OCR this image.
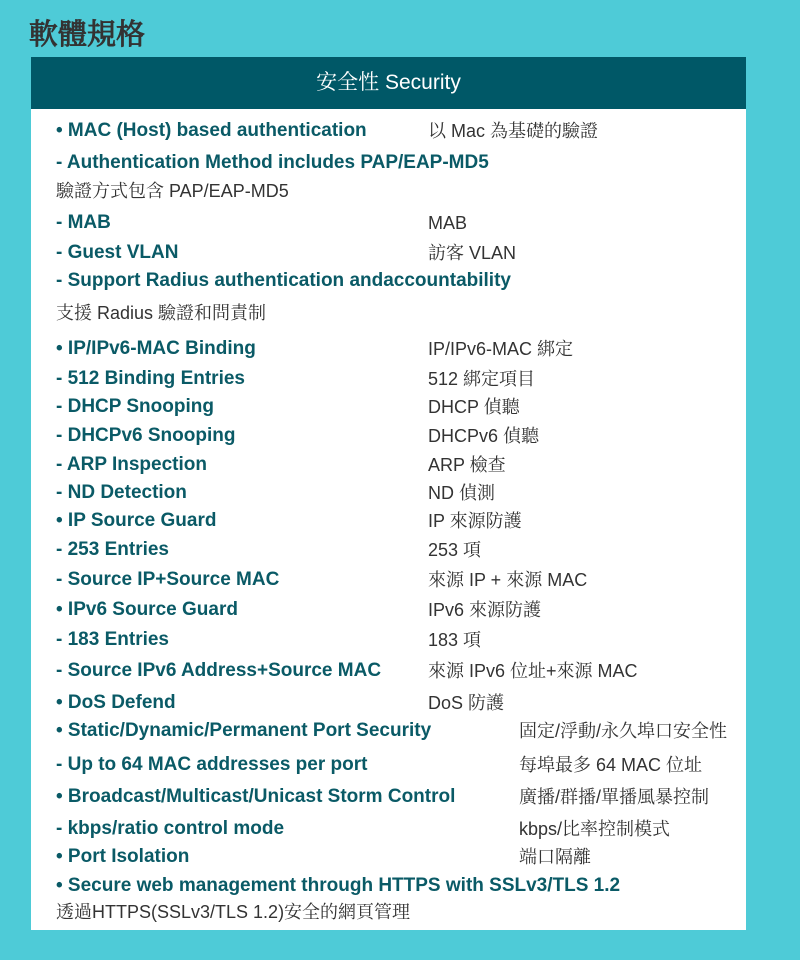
軟體規格
安全性 Security
• MAC (Host) based authentication	以 Mac 為基礎的驗證
- Authentication Method includes PAP/EAP-MD5
驗證方式包含 PAP/EAP-MD5
- MAB	MAB
- Guest VLAN	訪客 VLAN
- Support Radius authentication andaccountability
支援 Radius 驗證和問責制
• IP/IPv6-MAC Binding	IP/IPv6-MAC 綁定
- 512 Binding Entries	512 綁定項目
- DHCP Snooping	DHCP 偵聽
- DHCPv6 Snooping	DHCPv6 偵聽
- ARP Inspection	ARP 檢查
- ND Detection	ND 偵測
• IP Source Guard	IP 來源防護
- 253 Entries	253 項
- Source IP+Source MAC	來源 IP + 來源 MAC
• IPv6 Source Guard	IPv6 來源防護
- 183 Entries	183 項
- Source IPv6 Address+Source MAC	來源 IPv6 位址+來源 MAC
• DoS Defend	DoS 防護
• Static/Dynamic/Permanent Port Security	固定/浮動/永久埠口安全性
- Up to 64 MAC addresses per port	每埠最多 64 MAC 位址
• Broadcast/Multicast/Unicast Storm Control	廣播/群播/單播風暴控制
- kbps/ratio control mode	kbps/比率控制模式
• Port Isolation	端口隔離
• Secure web management through HTTPS with SSLv3/TLS 1.2
透過HTTPS(SSLv3/TLS 1.2)安全的網頁管理
